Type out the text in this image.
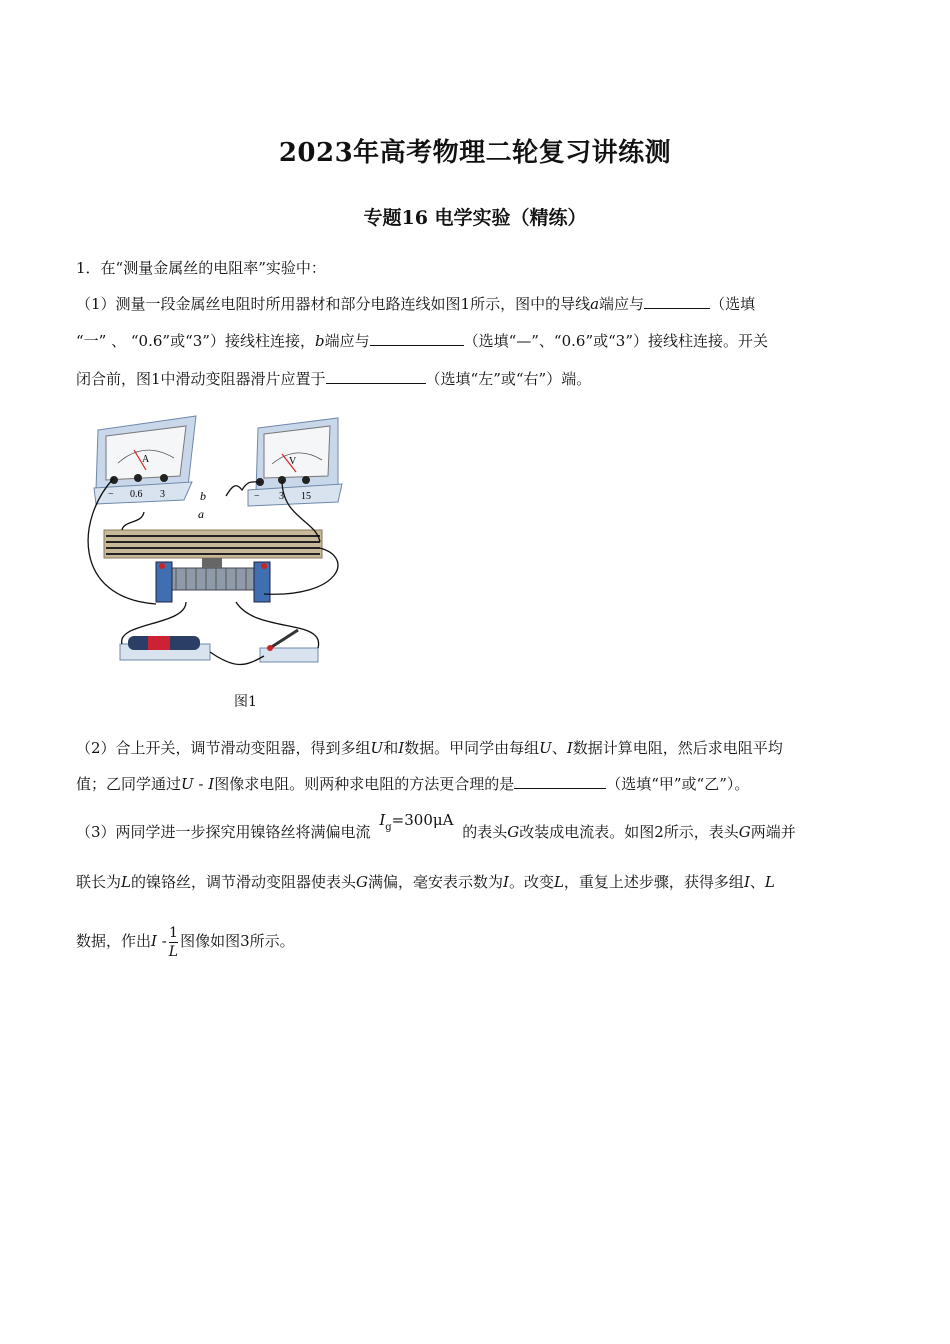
2023年高考物理二轮复习讲练测
专题16 电学实验（精练）
1．在“测量金属丝的电阻率”实验中：
（1）测量一段金属丝电阻时所用器材和部分电路连线如图1所示，图中的导线a端应与	（选填
“一” 、 “0.6”或“3”）接线柱连接，b端应与	（选填“—”、“0.6”或“3”）接线柱连接。开关
闭合前，图1中滑动变阻器滑片应置于	（选填“左”或“右”）端。
A
− 0.6 3
V
− 3 15
a
b
图1
（2）合上开关，调节滑动变阻器，得到多组U和I数据。甲同学由每组U、I数据计算电阻，然后求电阻平均
值；乙同学通过U - I图像求电阻。则两种求电阻的方法更合理的是	（选填“甲”或“乙”）。
（3）两同学进一步探究用镍铬丝将满偏电流 $I_g=300\mu A$ 的表头G改装成电流表。如图2所示，表头G两端并
联长为L的镍铬丝，调节滑动变阻器使表头G满偏，毫安表示数为I。改变L，重复上述步骤，获得多组I、L
数据，作出I - $\frac{1}{L}$ 图像如图3所示。
